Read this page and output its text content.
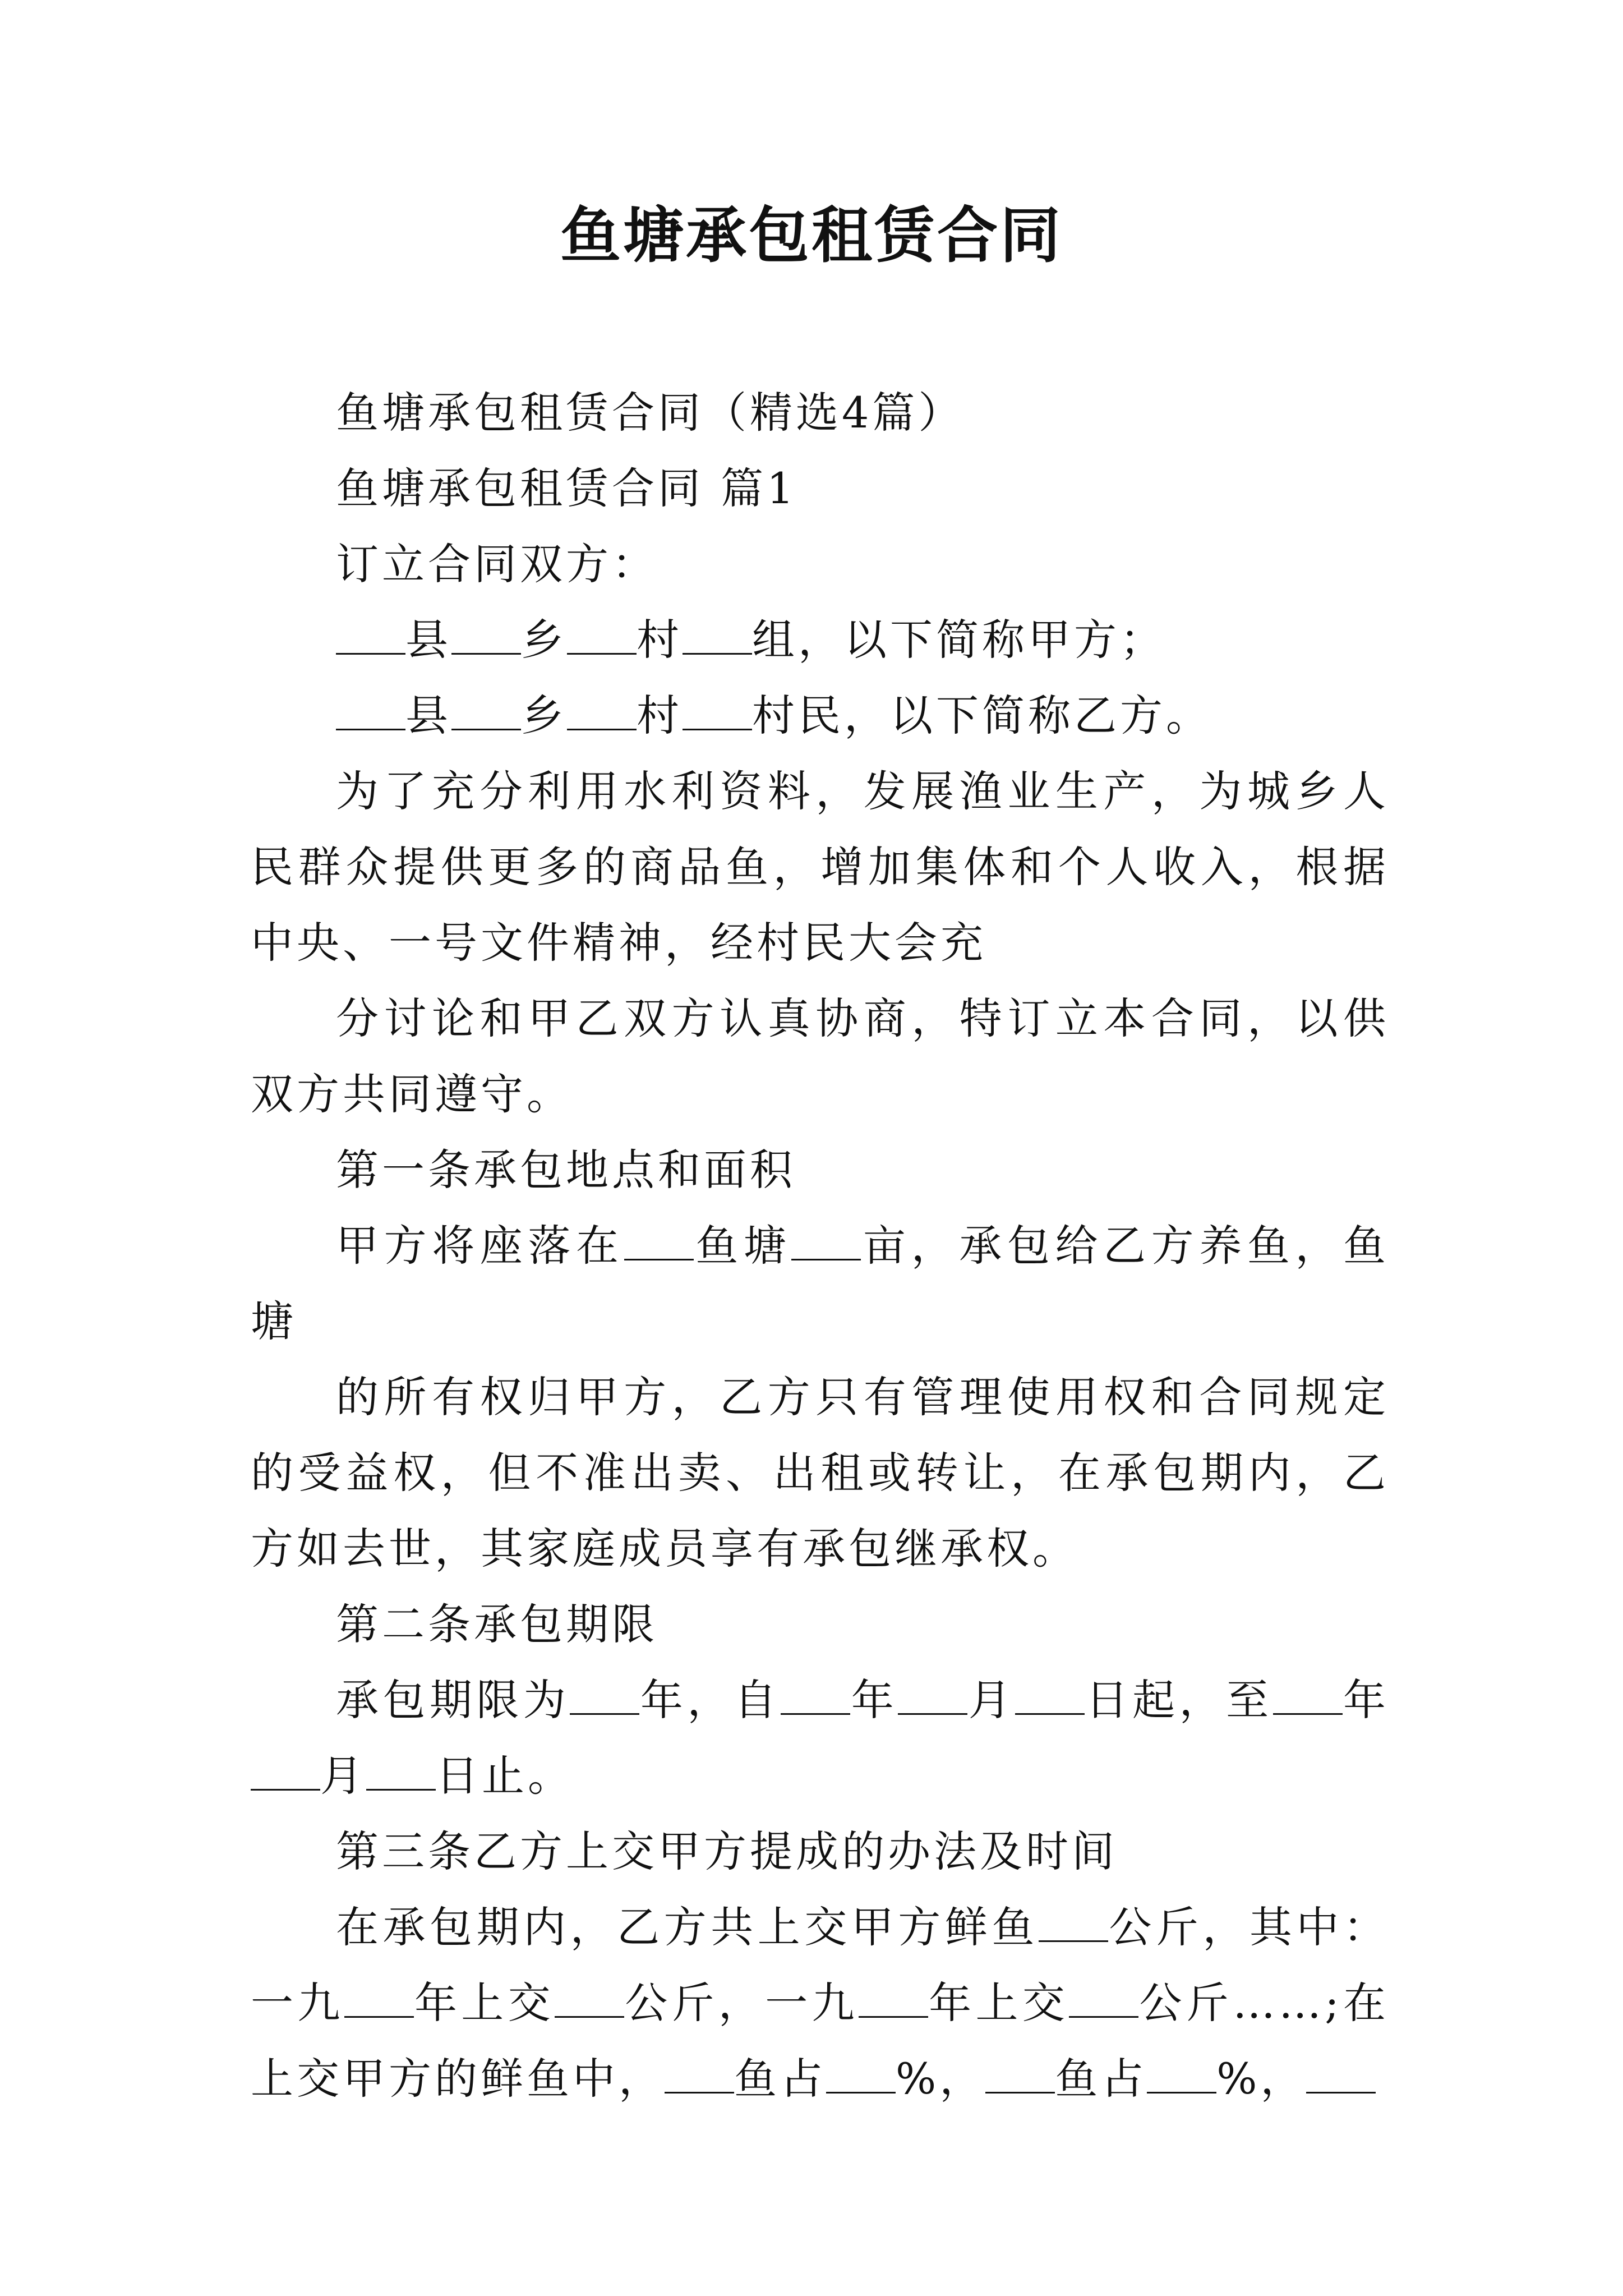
鱼塘承包租赁合同

鱼塘承包租赁合同（精选4篇）

鱼塘承包租赁合同 篇1

订立合同双方：

县 乡 村 组，以下简称甲方；

县 乡 村 村民，以下简称乙方。

为了充分利用水利资料，发展渔业生产，为城乡人民群众提供更多的商品鱼，增加集体和个人收入，根据中央、一号文件精神，经村民大会充

分讨论和甲乙双方认真协商，特订立本合同，以供双方共同遵守。

第一条承包地点和面积

甲方将座落在 鱼塘 亩，承包给乙方养鱼，鱼塘

的所有权归甲方，乙方只有管理使用权和合同规定的受益权，但不准出卖、出租或转让，在承包期内，乙方如去世，其家庭成员享有承包继承权。

第二条承包期限

承包期限为 年，自 年 月 日起，至 年月 日止。

第三条乙方上交甲方提成的办法及时间

在承包期内，乙方共上交甲方鲜鱼 公斤，其中：一九 年上交 公斤，一九 年上交 公斤……;在上交甲方的鲜鱼中， 鱼占 %， 鱼占 %，
